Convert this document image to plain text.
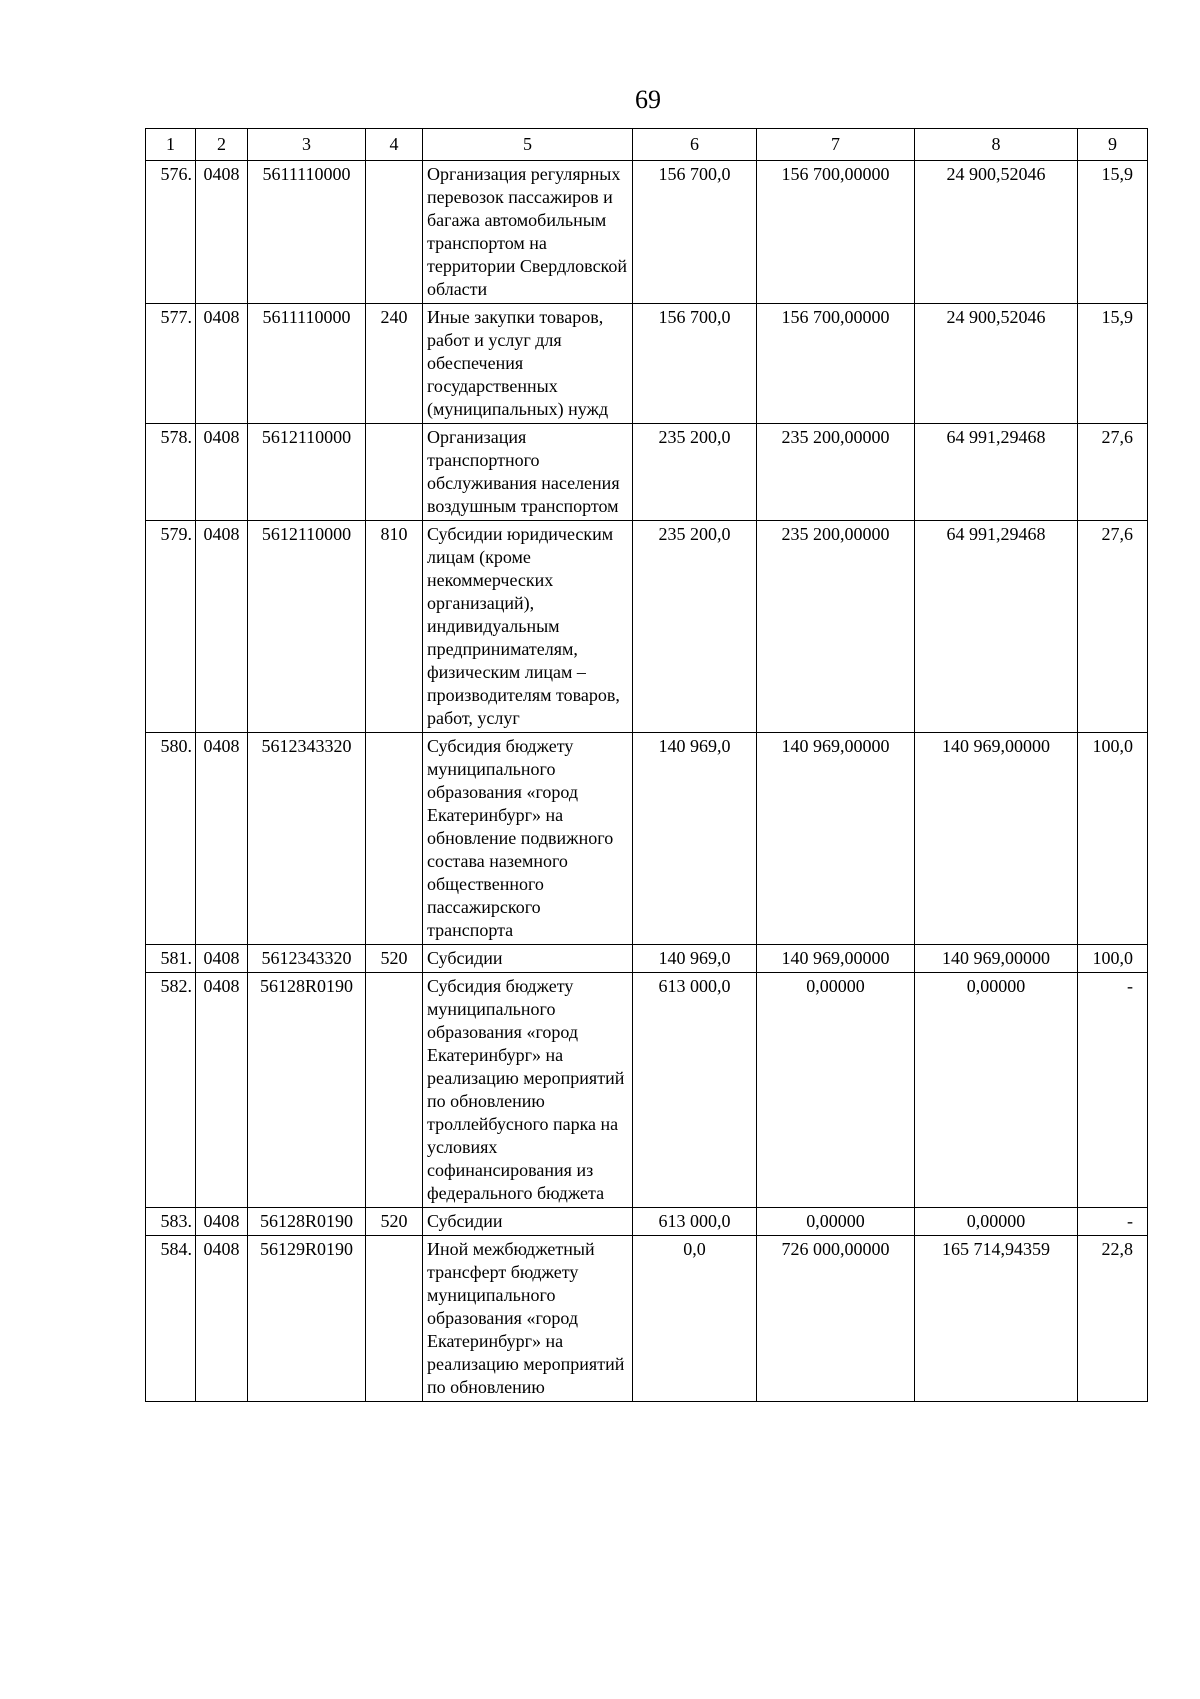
69
1	2	3	4	5	6	7	8	9
576.	0408	5611110000		Организация регулярных перевозок пассажиров и багажа автомобильным транспортом на территории Свердловской области	156 700,0	156 700,00000	24 900,52046	15,9
577.	0408	5611110000	240	Иные закупки товаров, работ и услуг для обеспечения государственных (муниципальных) нужд	156 700,0	156 700,00000	24 900,52046	15,9
578.	0408	5612110000		Организация транспортного обслуживания населения воздушным транспортом	235 200,0	235 200,00000	64 991,29468	27,6
579.	0408	5612110000	810	Субсидии юридическим лицам (кроме некоммерческих организаций), индивидуальным предпринимателям, физическим лицам – производителям товаров, работ, услуг	235 200,0	235 200,00000	64 991,29468	27,6
580.	0408	5612343320		Субсидия бюджету муниципального образования «город Екатеринбург» на обновление подвижного состава наземного общественного пассажирского транспорта	140 969,0	140 969,00000	140 969,00000	100,0
581.	0408	5612343320	520	Субсидии	140 969,0	140 969,00000	140 969,00000	100,0
582.	0408	56128R0190		Субсидия бюджету муниципального образования «город Екатеринбург» на реализацию мероприятий по обновлению троллейбусного парка на условиях софинансирования из федерального бюджета	613 000,0	0,00000	0,00000	-
583.	0408	56128R0190	520	Субсидии	613 000,0	0,00000	0,00000	-
584.	0408	56129R0190		Иной межбюджетный трансферт бюджету муниципального образования «город Екатеринбург» на реализацию мероприятий по обновлению	0,0	726 000,00000	165 714,94359	22,8
